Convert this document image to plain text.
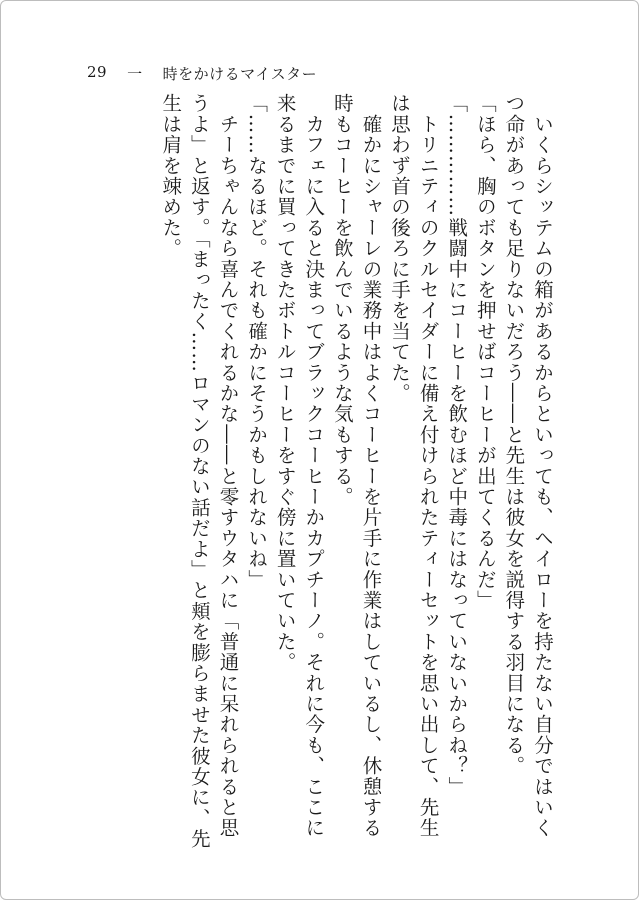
29 一 時をかけるマイスター

　いくらシッテムの箱があるからといっても、ヘイローを持たない自分ではいくつ命があっても足りないだろう――と先生は彼女を説得する羽目になる。

「ほら、胸のボタンを押せばコーヒーが出てくるんだ」

「……………戦闘中にコーヒーを飲むほど中毒にはなっていないからね？」

　トリニティのクルセイダーに備え付けられたティーセットを思い出して、先生は思わず首の後ろに手を当てた。

　確かにシャーレの業務中はよくコーヒーを片手に作業はしているし、休憩する時もコーヒーを飲んでいるような気もする。

　カフェに入ると決まってブラックコーヒーかカプチーノ。それに今も、ここに来るまでに買ってきたボトルコーヒーをすぐ傍に置いていた。

「……なるほど。それも確かにそうかもしれないね」

　チーちゃんなら喜んでくれるかな――と零すウタハに「普通に呆れられると思うよ」と返す。「まったく……ロマンのない話だよ」と頬を膨らませた彼女に、先生は肩を竦めた。
